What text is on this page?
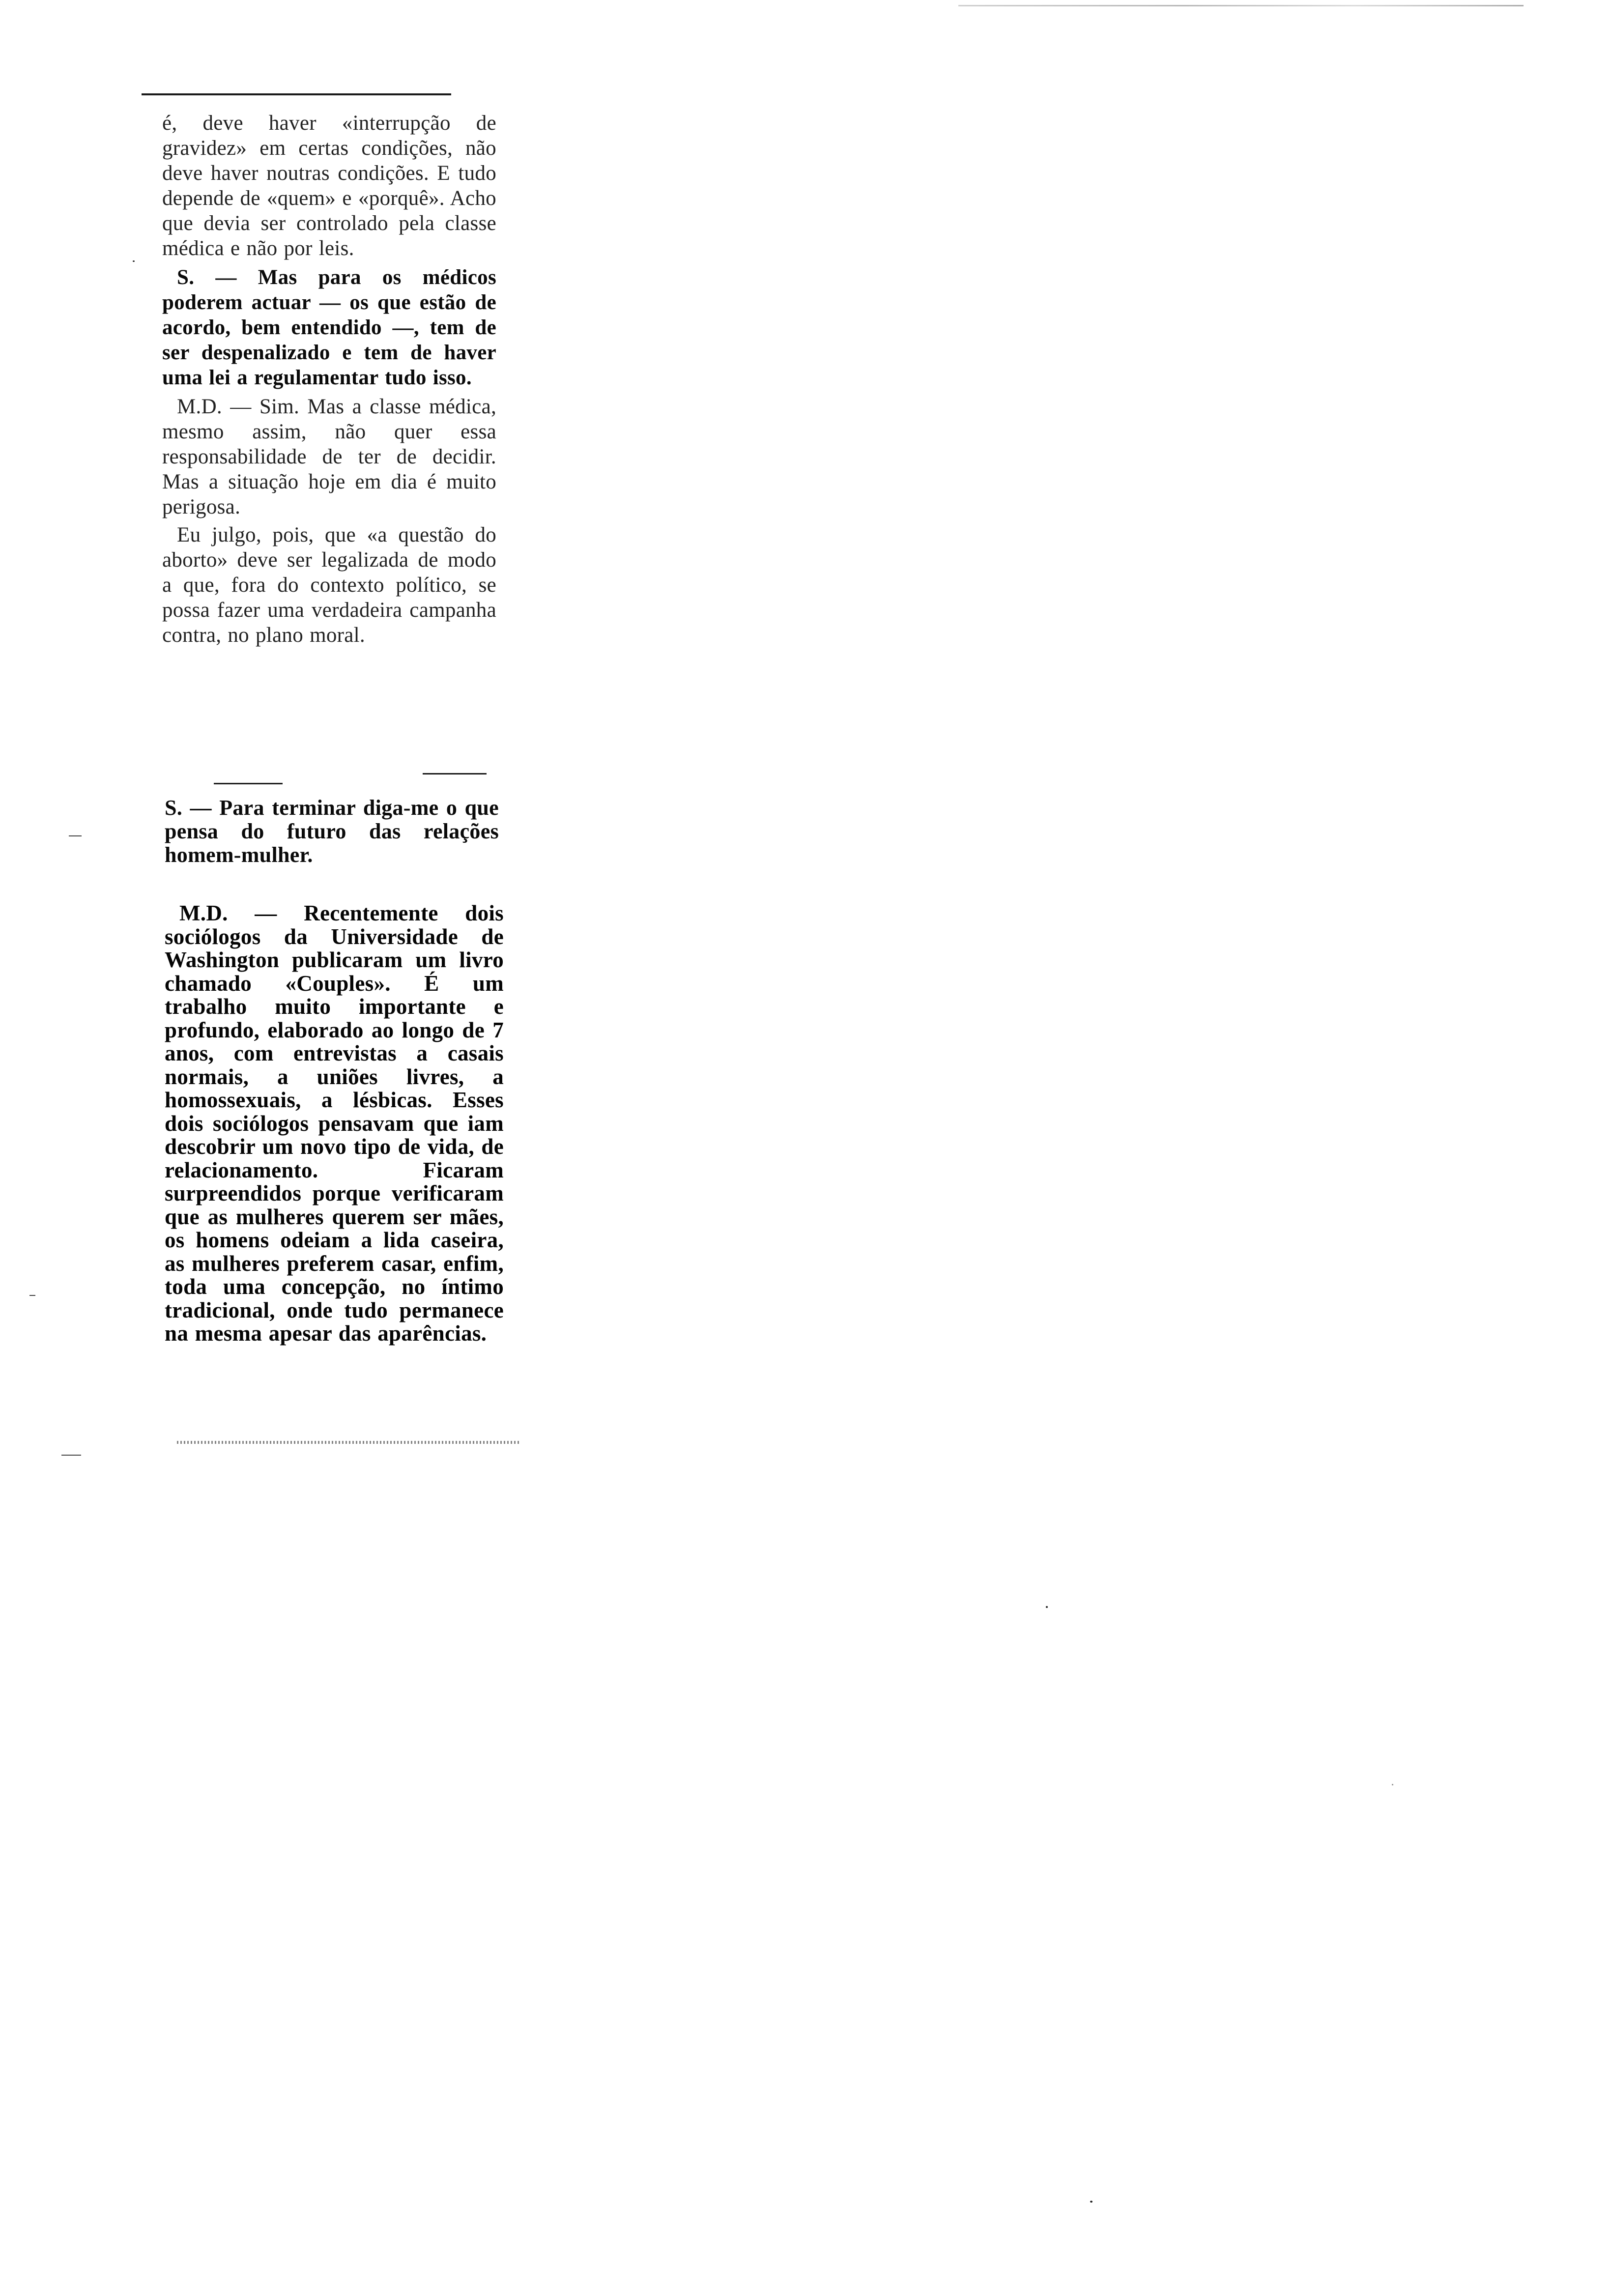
é, deve haver «interrupção de gravidez» em certas condições, não deve haver noutras condições. E tudo depende de «quem» e «porquê». Acho que devia ser controlado pela classe médica e não por leis.

S. — Mas para os médicos poderem actuar — os que estão de acordo, bem entendido —, tem de ser despenalizado e tem de haver uma lei a regulamentar tudo isso.

M.D. — Sim. Mas a classe médica, mesmo assim, não quer essa responsabilidade de ter de decidir. Mas a situação hoje em dia é muito perigosa.

Eu julgo, pois, que «a questão do aborto» deve ser legalizada de modo a que, fora do contexto político, se possa fazer uma verdadeira campanha contra, no plano moral.

S. — Para terminar diga-me o que pensa do futuro das relações homem-mulher.

M.D. — Recentemente dois sociólogos da Universidade de Washington publicaram um livro chamado «Couples». É um trabalho muito importante e profundo, elaborado ao longo de 7 anos, com entrevistas a casais normais, a uniões livres, a homossexuais, a lésbicas. Esses dois sociólogos pensavam que iam descobrir um novo tipo de vida, de relacionamento. Ficaram surpreendidos porque verificaram que as mulheres querem ser mães, os homens odeiam a lida caseira, as mulheres preferem casar, enfim, toda uma concepção, no íntimo tradicional, onde tudo permanece na mesma apesar das aparências.
